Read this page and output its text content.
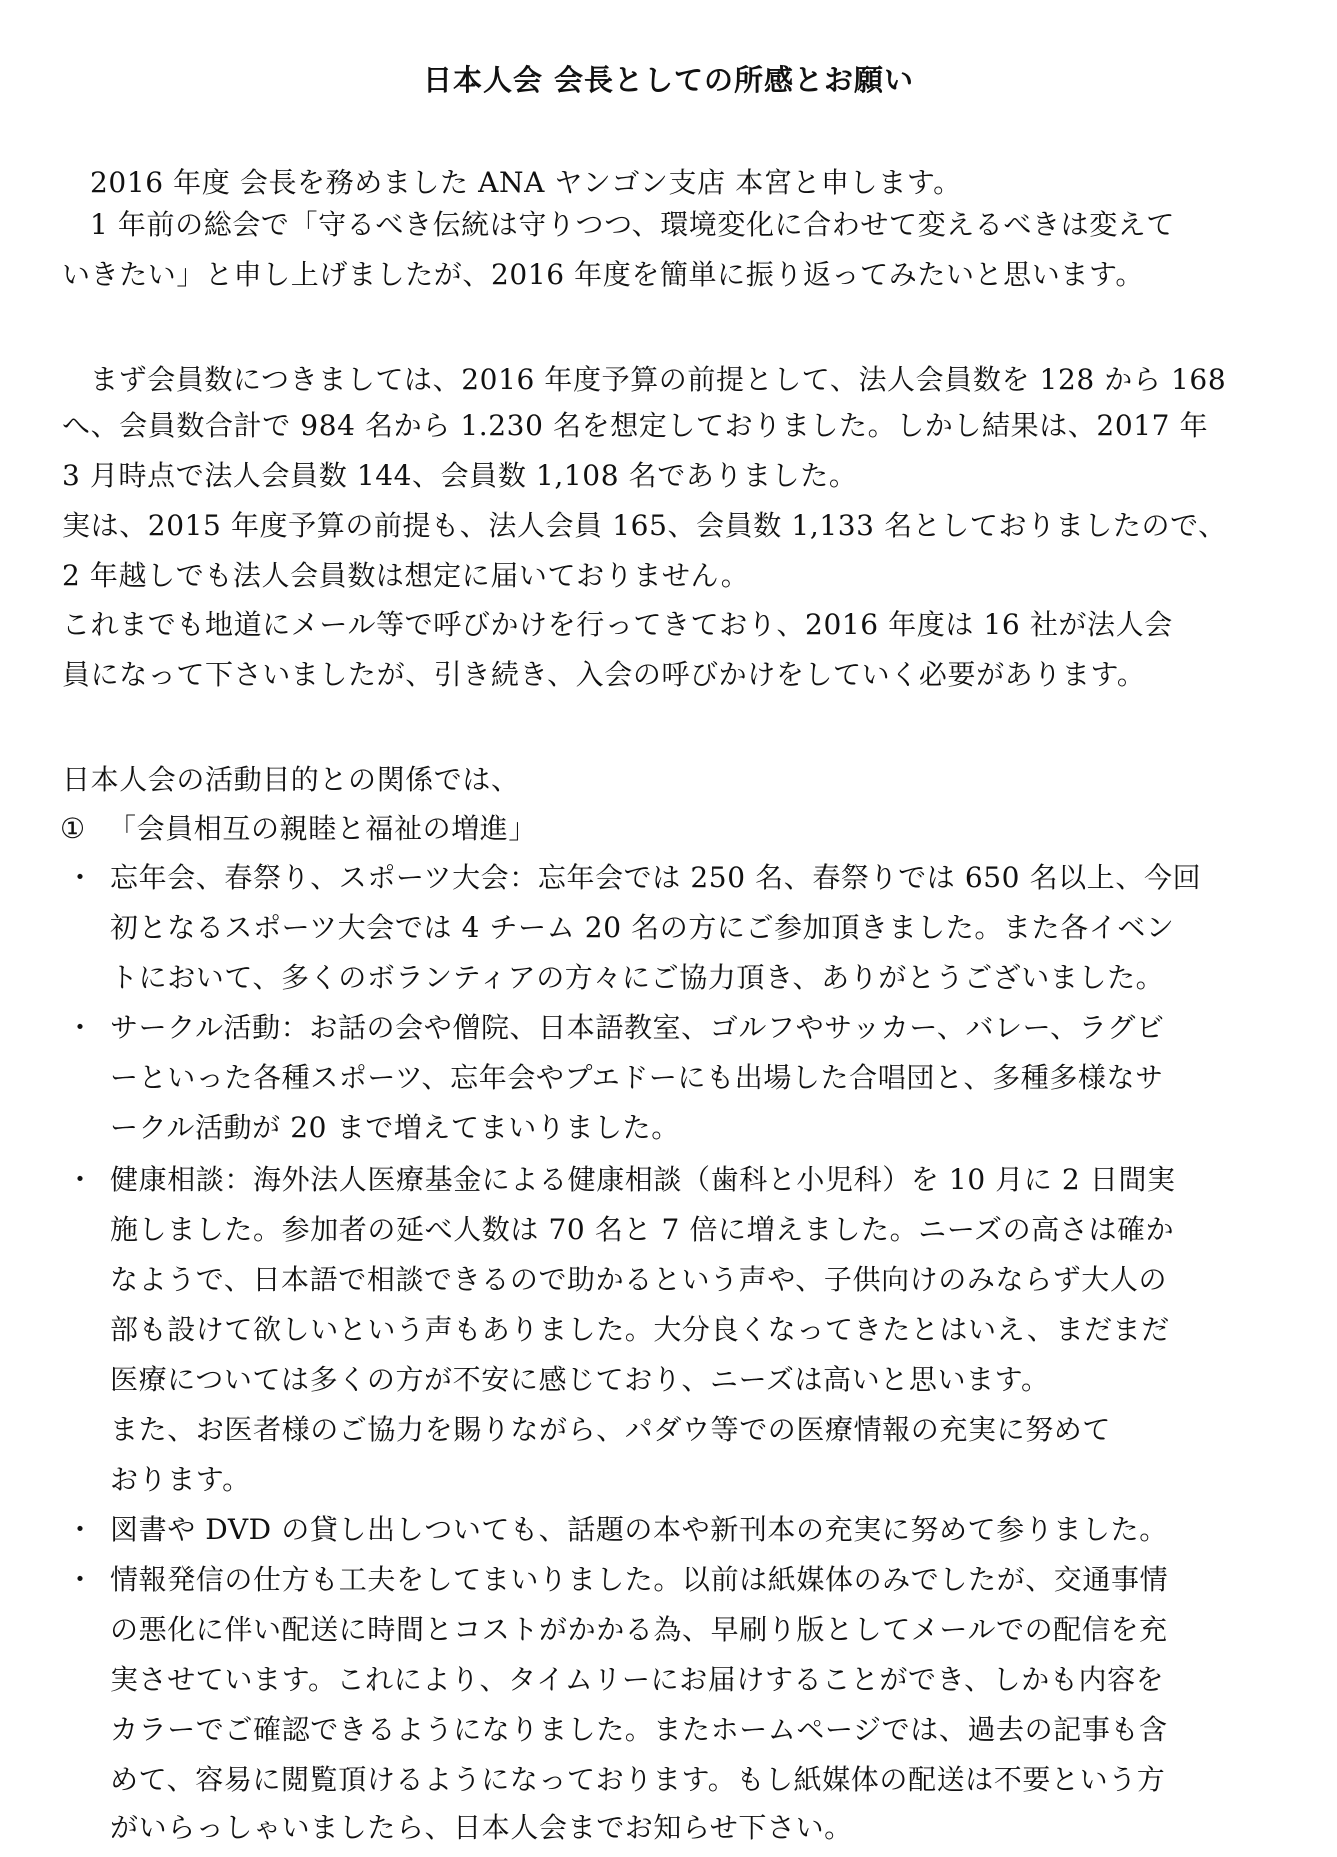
日本人会 会長としての所感とお願い
2016 年度 会長を務めました ANA ヤンゴン支店 本宮と申します。
1 年前の総会で「守るべき伝統は守りつつ、環境変化に合わせて変えるべきは変えて
いきたい」と申し上げましたが、2016 年度を簡単に振り返ってみたいと思います。
まず会員数につきましては、2016 年度予算の前提として、法人会員数を 128 から 168
へ、会員数合計で 984 名から 1.230 名を想定しておりました。しかし結果は、2017 年
3 月時点で法人会員数 144、会員数 1,108 名でありました。
実は、2015 年度予算の前提も、法人会員 165、会員数 1,133 名としておりましたので、
2 年越しでも法人会員数は想定に届いておりません。
これまでも地道にメール等で呼びかけを行ってきており、2016 年度は 16 社が法人会
員になって下さいましたが、引き続き、入会の呼びかけをしていく必要があります。
日本人会の活動目的との関係では、
① 「会員相互の親睦と福祉の増進」
・ 忘年会、春祭り、スポーツ大会：忘年会では 250 名、春祭りでは 650 名以上、今回
初となるスポーツ大会では 4 チーム 20 名の方にご参加頂きました。また各イベン
トにおいて、多くのボランティアの方々にご協力頂き、ありがとうございました。
・ サークル活動：お話の会や僧院、日本語教室、ゴルフやサッカー、バレー、ラグビ
ーといった各種スポーツ、忘年会やプエドーにも出場した合唱団と、多種多様なサ
ークル活動が 20 まで増えてまいりました。
・ 健康相談：海外法人医療基金による健康相談（歯科と小児科）を 10 月に 2 日間実
施しました。参加者の延べ人数は 70 名と 7 倍に増えました。ニーズの高さは確か
なようで、日本語で相談できるので助かるという声や、子供向けのみならず大人の
部も設けて欲しいという声もありました。大分良くなってきたとはいえ、まだまだ
医療については多くの方が不安に感じており、ニーズは高いと思います。
また、お医者様のご協力を賜りながら、パダウ等での医療情報の充実に努めて
おります。
・ 図書や DVD の貸し出しついても、話題の本や新刊本の充実に努めて参りました。
・ 情報発信の仕方も工夫をしてまいりました。以前は紙媒体のみでしたが、交通事情
の悪化に伴い配送に時間とコストがかかる為、早刷り版としてメールでの配信を充
実させています。これにより、タイムリーにお届けすることができ、しかも内容を
カラーでご確認できるようになりました。またホームページでは、過去の記事も含
めて、容易に閲覧頂けるようになっております。もし紙媒体の配送は不要という方
がいらっしゃいましたら、日本人会までお知らせ下さい。
